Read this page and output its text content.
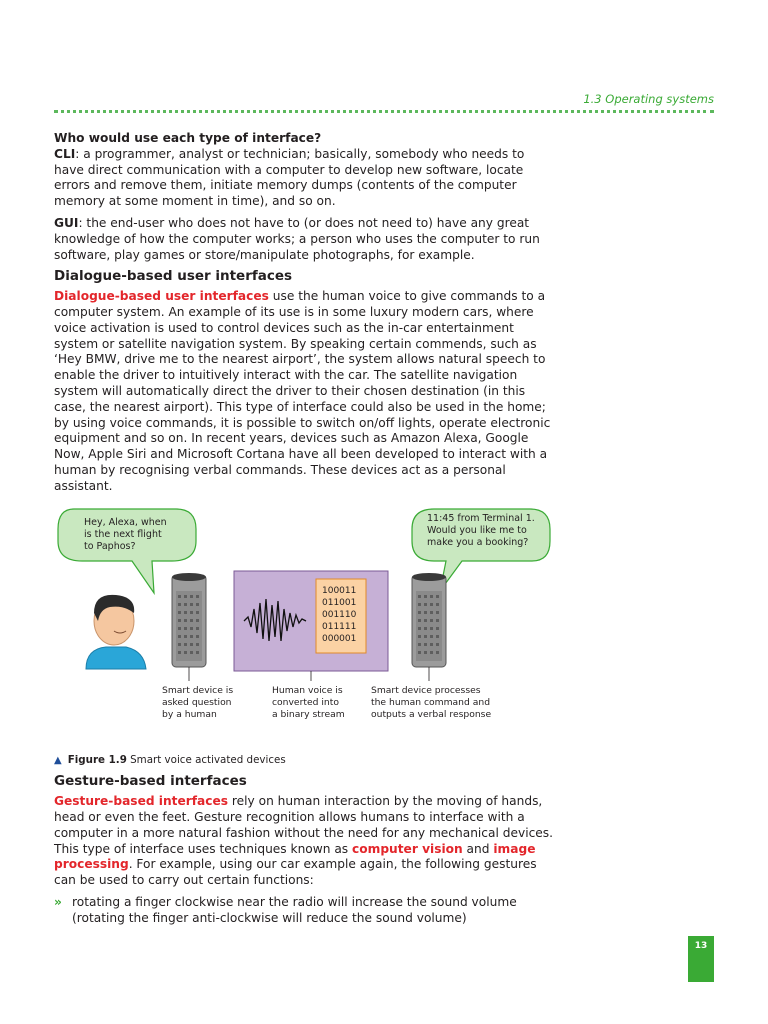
1.3 Operating systems

Who would use each type of interface?
CLI: a programmer, analyst or technician; basically, somebody who needs to have direct communication with a computer to develop new software, locate errors and remove them, initiate memory dumps (contents of the computer memory at some moment in time), and so on.

GUI: the end-user who does not have to (or does not need to) have any great knowledge of how the computer works; a person who uses the computer to run software, play games or store/manipulate photographs, for example.

Dialogue-based user interfaces

Dialogue-based user interfaces use the human voice to give commands to a computer system. An example of its use is in some luxury modern cars, where voice activation is used to control devices such as the in-car entertainment system or satellite navigation system. By speaking certain commends, such as ‘Hey BMW, drive me to the nearest airport’, the system allows natural speech to enable the driver to intuitively interact with the car. The satellite navigation system will automatically direct the driver to their chosen destination (in this case, the nearest airport). This type of interface could also be used in the home; by using voice commands, it is possible to switch on/off lights, operate electronic equipment and so on. In recent years, devices such as Amazon Alexa, Google Now, Apple Siri and Microsoft Cortana have all been developed to interact with a human by recognising verbal commands. These devices act as a personal assistant.

Hey, Alexa, when
is the next flight
to Paphos?
11:45 from Terminal 1.
Would you like me to
make you a booking?
100011
011001
001110
011111
000001
Smart device is
asked question
by a human
Human voice is
converted into
a binary stream
Smart device processes
the human command and
outputs a verbal response

▲ Figure 1.9 Smart voice activated devices

Gesture-based interfaces

Gesture-based interfaces rely on human interaction by the moving of hands, head or even the feet. Gesture recognition allows humans to interface with a computer in a more natural fashion without the need for any mechanical devices. This type of interface uses techniques known as computer vision and image processing. For example, using our car example again, the following gestures can be used to carry out certain functions:

» rotating a finger clockwise near the radio will increase the sound volume (rotating the finger anti-clockwise will reduce the sound volume)
13
